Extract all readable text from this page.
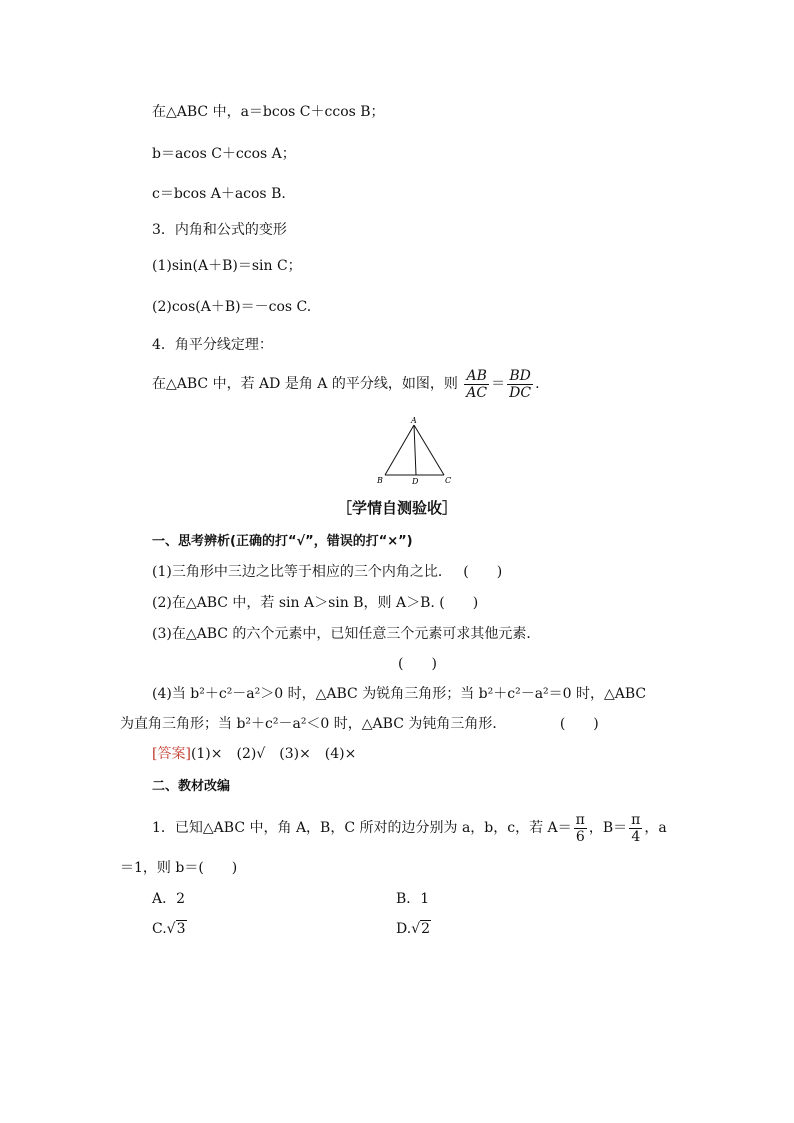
在△ABC 中，a＝bcos C＋ccos B；
b＝acos C＋ccos A；
c＝bcos A＋acos B.
3．内角和公式的变形
(1)sin(A＋B)＝sin C；
(2)cos(A＋B)＝－cos C.
4．角平分线定理：
在△ABC 中，若 AD 是角 A 的平分线，如图，则 $\frac{AB}{AC} = \frac{BD}{DC}$ .
A
B	D	C
［学情自测验收］
一、思考辨析(正确的打“√”，错误的打“×”)
(1)三角形中三边之比等于相应的三个内角之比．　 (　　)
(2)在△ABC 中，若 sin A＞sin B，则 A＞B. (　　)
(3)在△ABC 的六个元素中，已知任意三个元素可求其他元素．
(　　)
(4)当 b²＋c²－a²＞0 时，△ABC 为锐角三角形；当 b²＋c²－a²＝0 时，△ABC
为直角三角形；当 b²＋c²－a²＜0 时，△ABC 为钝角三角形．　　　　 (　　)
[答案](1)×　(2)√　(3)×　(4)×
二、教材改编
1．已知△ABC 中，角 A，B，C 所对的边分别为 a，b，c，若 $A= \frac{\pi}{6}$ ，$B= \frac{\pi}{4}$ ，a
＝1，则 b＝(　　)
A．2	B．1
C.√3	D.√2
